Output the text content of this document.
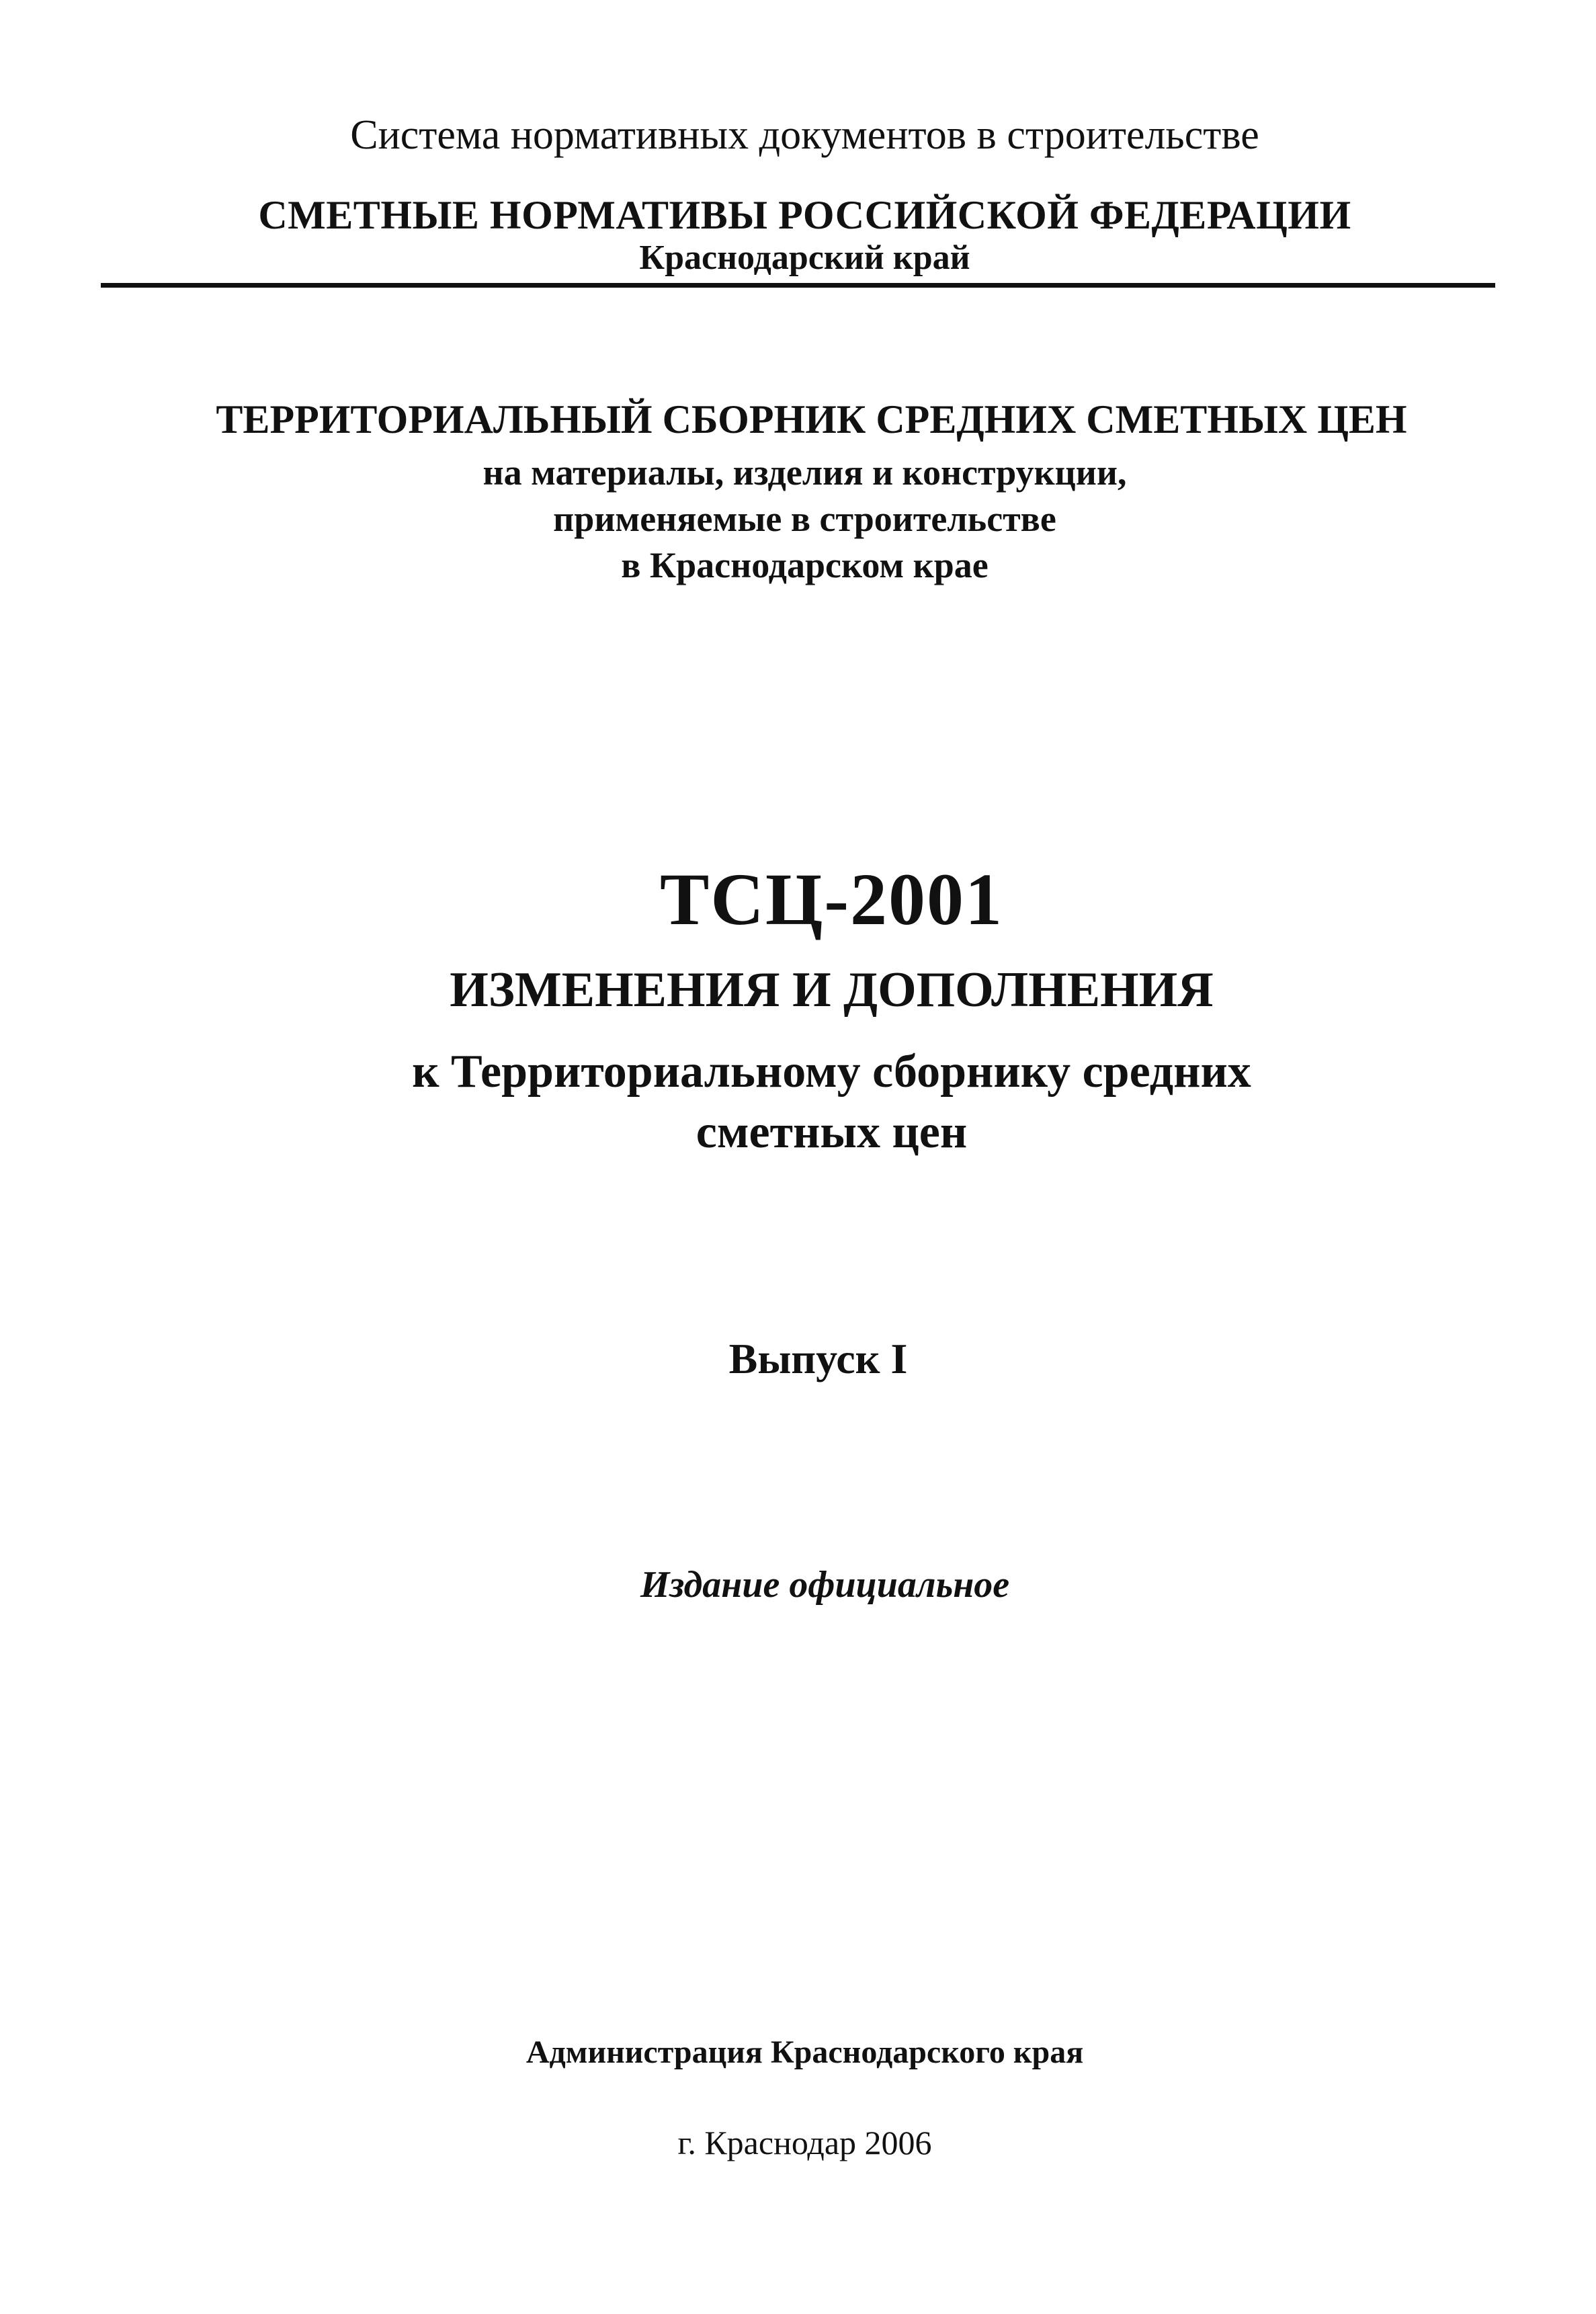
Система нормативных документов в строительстве
СМЕТНЫЕ НОРМАТИВЫ РОССИЙСКОЙ ФЕДЕРАЦИИ
Краснодарский край
ТЕРРИТОРИАЛЬНЫЙ СБОРНИК СРЕДНИХ СМЕТНЫХ ЦЕН
на материалы, изделия и конструкции,
применяемые в строительстве
в Краснодарском крае
ТСЦ-2001
ИЗМЕНЕНИЯ И ДОПОЛНЕНИЯ
к Территориальному сборнику средних
сметных цен
Выпуск I
Издание официальное
Администрация Краснодарского края
г. Краснодар 2006
